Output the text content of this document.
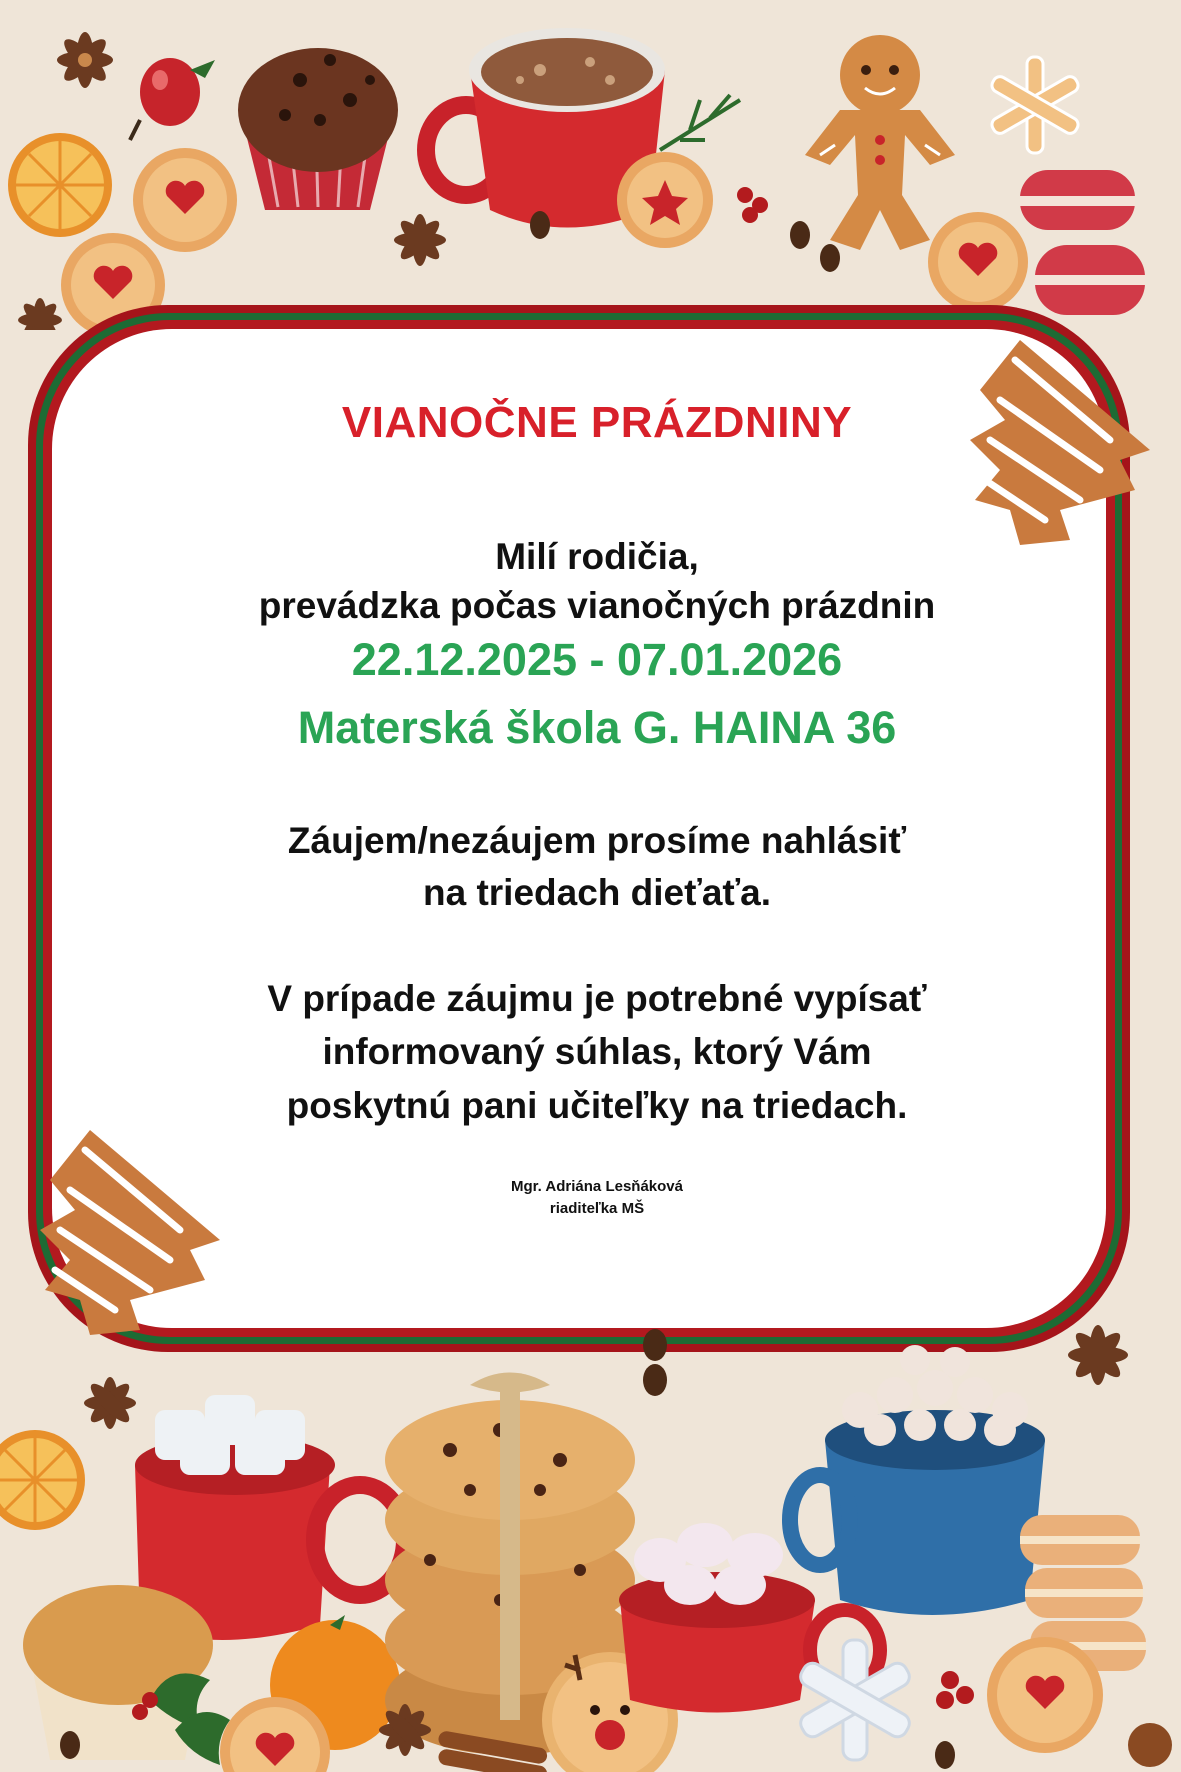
VIANOČNE PRÁZDNINY
Milí rodičia,
prevádzka počas vianočných prázdnin
22.12.2025 - 07.01.2026
Materská škola G. HAINA 36
Záujem/nezáujem prosíme nahlásiť
na triedach dieťaťa.
V prípade záujmu je potrebné vypísať
informovaný súhlas, ktorý Vám
poskytnú pani učiteľky na triedach.
Mgr. Adriána Lesňáková
riaditeľka MŠ
